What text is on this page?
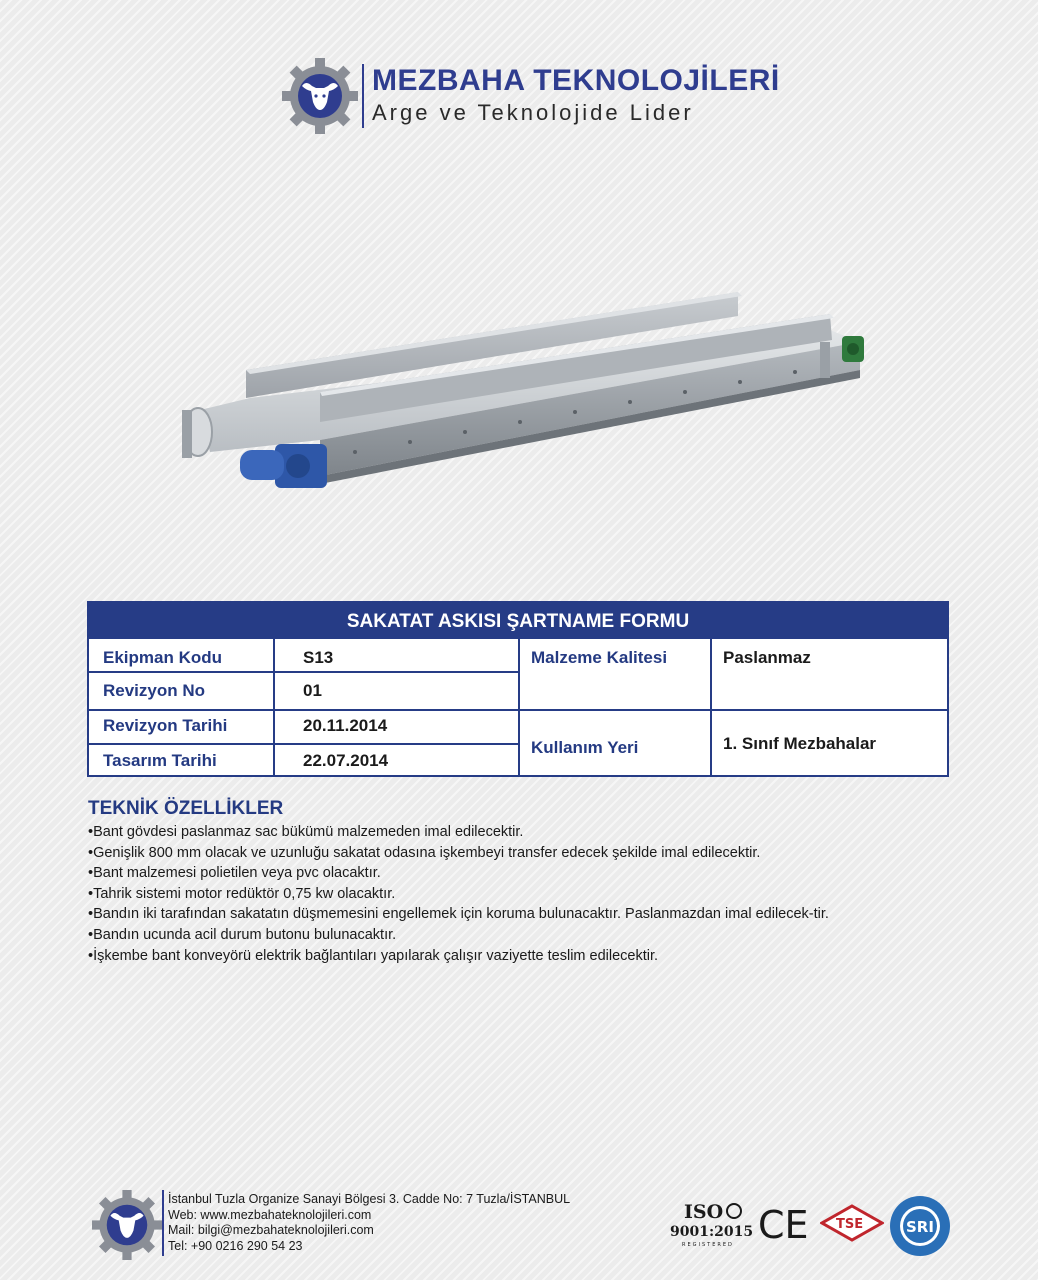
MEZBAHA TEKNOLOJİLERİ
Arge ve Teknolojide Lider
SAKATAT ASKISI ŞARTNAME FORMU
Ekipman Kodu	S13
Revizyon No	01
Revizyon Tarihi	20.11.2014
Tasarım Tarihi	22.07.2014
Malzeme Kalitesi	Paslanmaz
Kullanım Yeri	1. Sınıf Mezbahalar
TEKNİK ÖZELLİKLER
• Bant gövdesi paslanmaz sac bükümü malzemeden imal edilecektir.
• Genişlik 800 mm olacak ve uzunluğu sakatat odasına işkembeyi transfer edecek şekilde imal edilecektir.
• Bant malzemesi polietilen veya pvc olacaktır.
• Tahrik sistemi motor redüktör 0,75 kw olacaktır.
• Bandın iki tarafından sakatatın düşmemesini engellemek için koruma bulunacaktır. Paslanmazdan imal edilecek-tir.
• Bandın ucunda acil durum butonu bulunacaktır.
• İşkembe bant konveyörü elektrik bağlantıları yapılarak çalışır vaziyette teslim edilecektir.
İstanbul Tuzla Organize Sanayi Bölgesi 3. Cadde No: 7 Tuzla/İSTANBUL
Web: www.mezbahateknolojileri.com
Mail: bilgi@mezbahateknolojileri.com
Tel: +90 0216 290 54 23
ISO
9001:2015
REGISTERED CE TSE	SRI
